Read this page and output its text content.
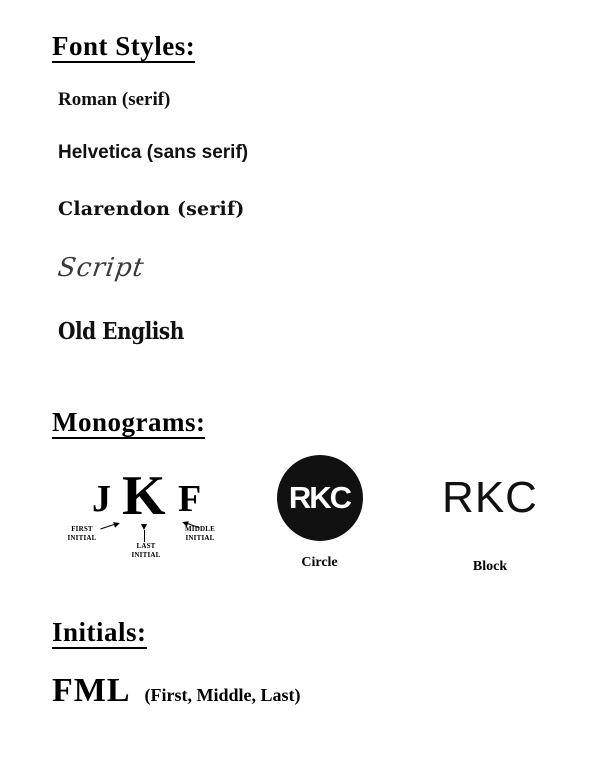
Font Styles:
Roman (serif)
Helvetica (sans serif)
Clarendon (serif)
Script
Old English
Monograms:
J K F
FIRST
INITIAL
LAST
INITIAL
MIDDLE
INITIAL
RKC
Circle
RKC
Block
Initials:
FML (First, Middle, Last)
